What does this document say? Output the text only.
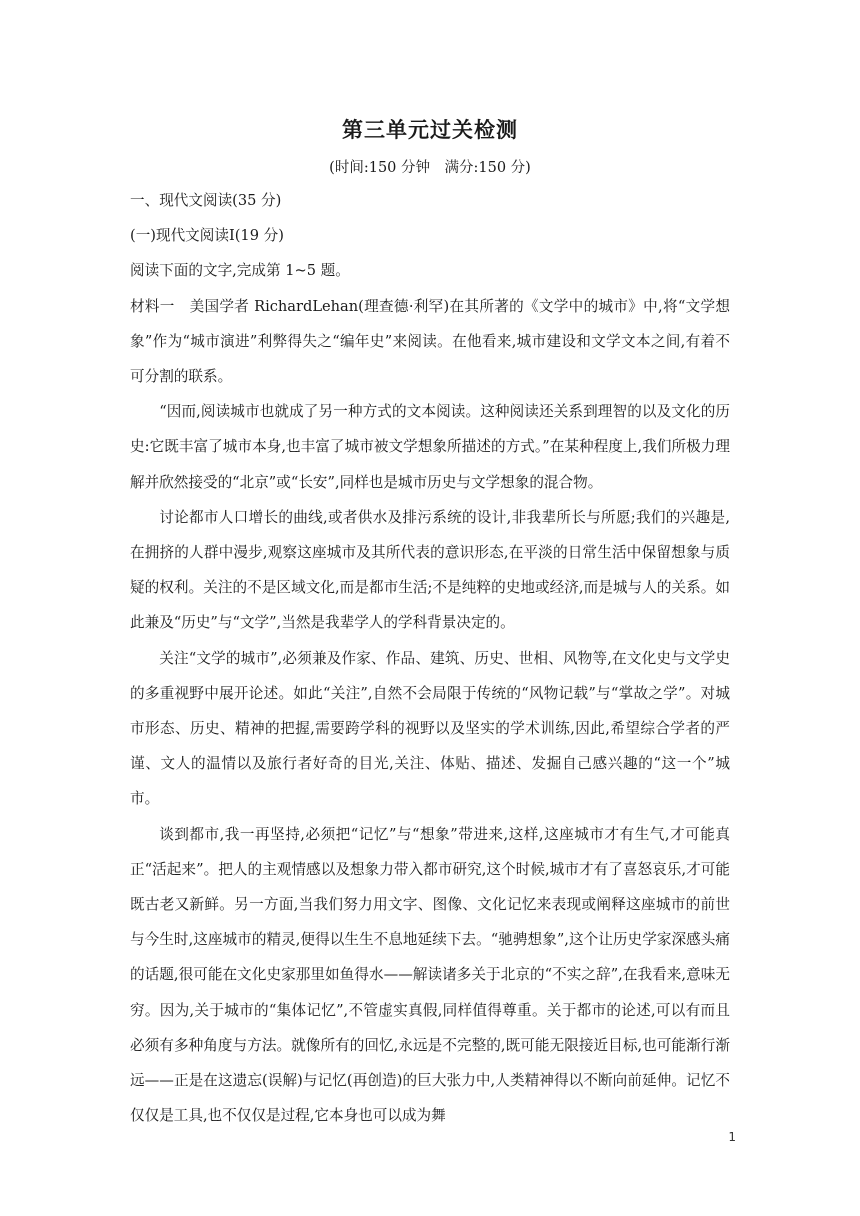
第三单元过关检测
(时间:150 分钟　满分:150 分)

一、现代文阅读(35 分)

(一)现代文阅读Ⅰ(19 分)

阅读下面的文字,完成第 1~5 题。

材料一　美国学者 RichardLehan(理查德·利罕)在其所著的《文学中的城市》中,将“文学想象”作为“城市演进”利弊得失之“编年史”来阅读。在他看来,城市建设和文学文本之间,有着不可分割的联系。

“因而,阅读城市也就成了另一种方式的文本阅读。这种阅读还关系到理智的以及文化的历史:它既丰富了城市本身,也丰富了城市被文学想象所描述的方式。”在某种程度上,我们所极力理解并欣然接受的“北京”或“长安”,同样也是城市历史与文学想象的混合物。

讨论都市人口增长的曲线,或者供水及排污系统的设计,非我辈所长与所愿;我们的兴趣是,在拥挤的人群中漫步,观察这座城市及其所代表的意识形态,在平淡的日常生活中保留想象与质疑的权利。关注的不是区域文化,而是都市生活;不是纯粹的史地或经济,而是城与人的关系。如此兼及“历史”与“文学”,当然是我辈学人的学科背景决定的。

关注“文学的城市”,必须兼及作家、作品、建筑、历史、世相、风物等,在文化史与文学史的多重视野中展开论述。如此“关注”,自然不会局限于传统的“风物记载”与“掌故之学”。对城市形态、历史、精神的把握,需要跨学科的视野以及坚实的学术训练,因此,希望综合学者的严谨、文人的温情以及旅行者好奇的目光,关注、体贴、描述、发掘自己感兴趣的“这一个”城市。

谈到都市,我一再坚持,必须把“记忆”与“想象”带进来,这样,这座城市才有生气,才可能真正“活起来”。把人的主观情感以及想象力带入都市研究,这个时候,城市才有了喜怒哀乐,才可能既古老又新鲜。另一方面,当我们努力用文字、图像、文化记忆来表现或阐释这座城市的前世与今生时,这座城市的精灵,便得以生生不息地延续下去。“驰骋想象”,这个让历史学家深感头痛的话题,很可能在文化史家那里如鱼得水——解读诸多关于北京的“不实之辞”,在我看来,意味无穷。因为,关于城市的“集体记忆”,不管虚实真假,同样值得尊重。关于都市的论述,可以有而且必须有多种角度与方法。就像所有的回忆,永远是不完整的,既可能无限接近目标,也可能渐行渐远——正是在这遗忘(误解)与记忆(再创造)的巨大张力中,人类精神得以不断向前延伸。记忆不仅仅是工具,也不仅仅是过程,它本身也可以成为舞

1
